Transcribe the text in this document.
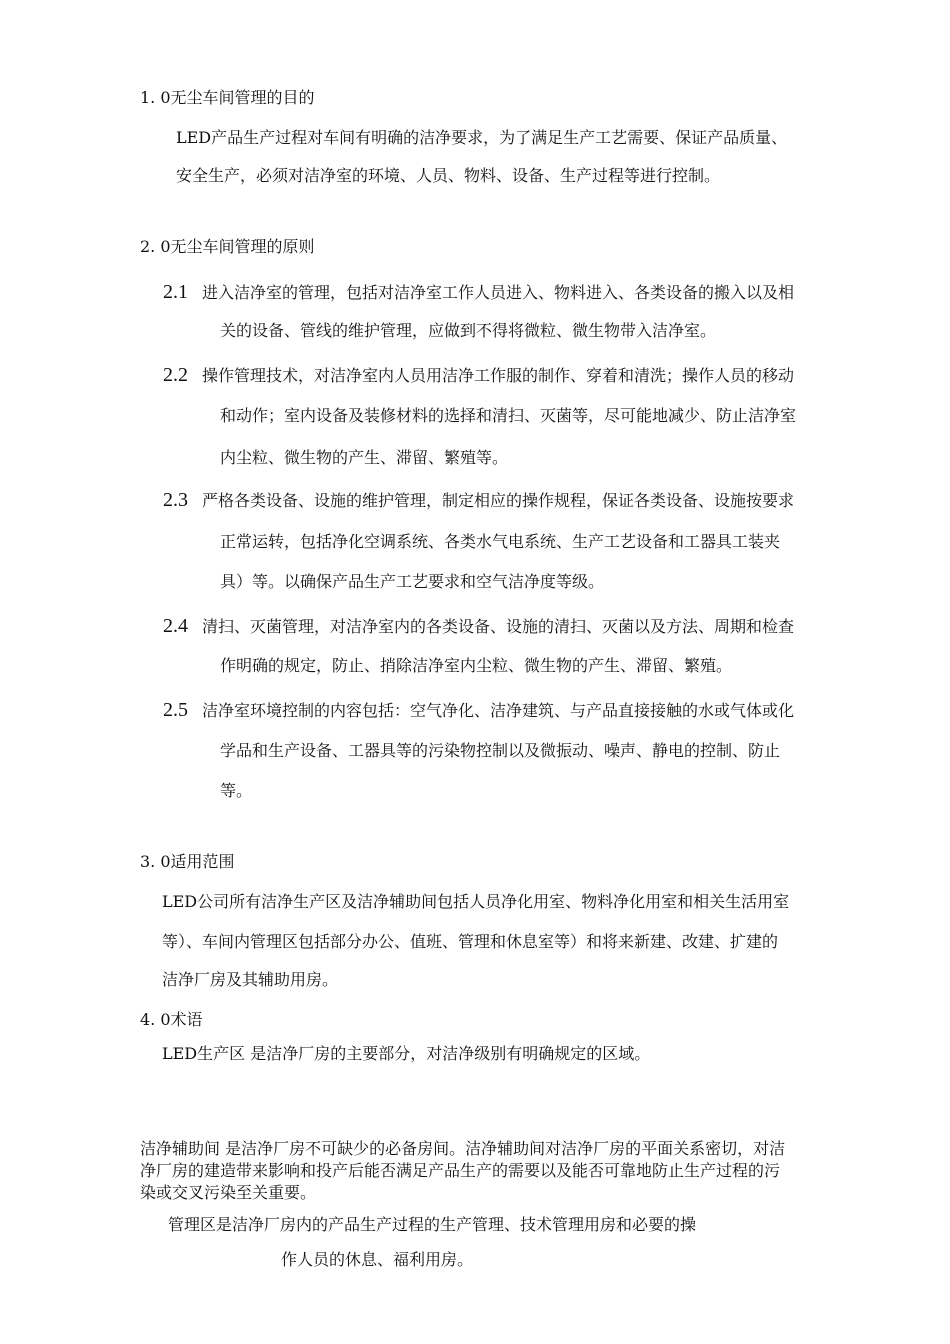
1. 0无尘车间管理的目的
LED产品生产过程对车间有明确的洁净要求，为了满足生产工艺需要、保证产品质量、
安全生产，必须对洁净室的环境、人员、物料、设备、生产过程等进行控制。
2. 0无尘车间管理的原则
2.1 进入洁净室的管理，包括对洁净室工作人员进入、物料进入、各类设备的搬入以及相
关的设备、管线的维护管理，应做到不得将微粒、微生物带入洁净室。
2.2 操作管理技术，对洁净室内人员用洁净工作服的制作、穿着和清洗；操作人员的移动
和动作；室内设备及装修材料的选择和清扫、灭菌等，尽可能地减少、防止洁净室
内尘粒、微生物的产生、滞留、繁殖等。
2.3 严格各类设备、设施的维护管理，制定相应的操作规程，保证各类设备、设施按要求
正常运转，包括净化空调系统、各类水气电系统、生产工艺设备和工器具工装夹
具）等。以确保产品生产工艺要求和空气洁净度等级。
2.4 清扫、灭菌管理，对洁净室内的各类设备、设施的清扫、灭菌以及方法、周期和检查
作明确的规定，防止、捎除洁净室内尘粒、微生物的产生、滞留、繁殖。
2.5 洁净室环境控制的内容包括：空气净化、洁净建筑、与产品直接接触的水或气体或化
学品和生产设备、工器具等的污染物控制以及微振动、噪声、静电的控制、防止
等。
3. 0适用范围
LED公司所有洁净生产区及洁净辅助间包括人员净化用室、物料净化用室和相关生活用室
等）、车间内管理区包括部分办公、值班、管理和休息室等）和将来新建、改建、扩建的
洁净厂房及其辅助用房。
4. 0术语
LED生产区 是洁净厂房的主要部分，对洁净级别有明确规定的区域。
洁净辅助间 是洁净厂房不可缺少的必备房间。洁净辅助间对洁净厂房的平面关系密切，对洁
净厂房的建造带来影响和投产后能否满足产品生产的需要以及能否可靠地防止生产过程的污
染或交叉污染至关重要。
管理区是洁净厂房内的产品生产过程的生产管理、技术管理用房和必要的操
作人员的休息、福利用房。
